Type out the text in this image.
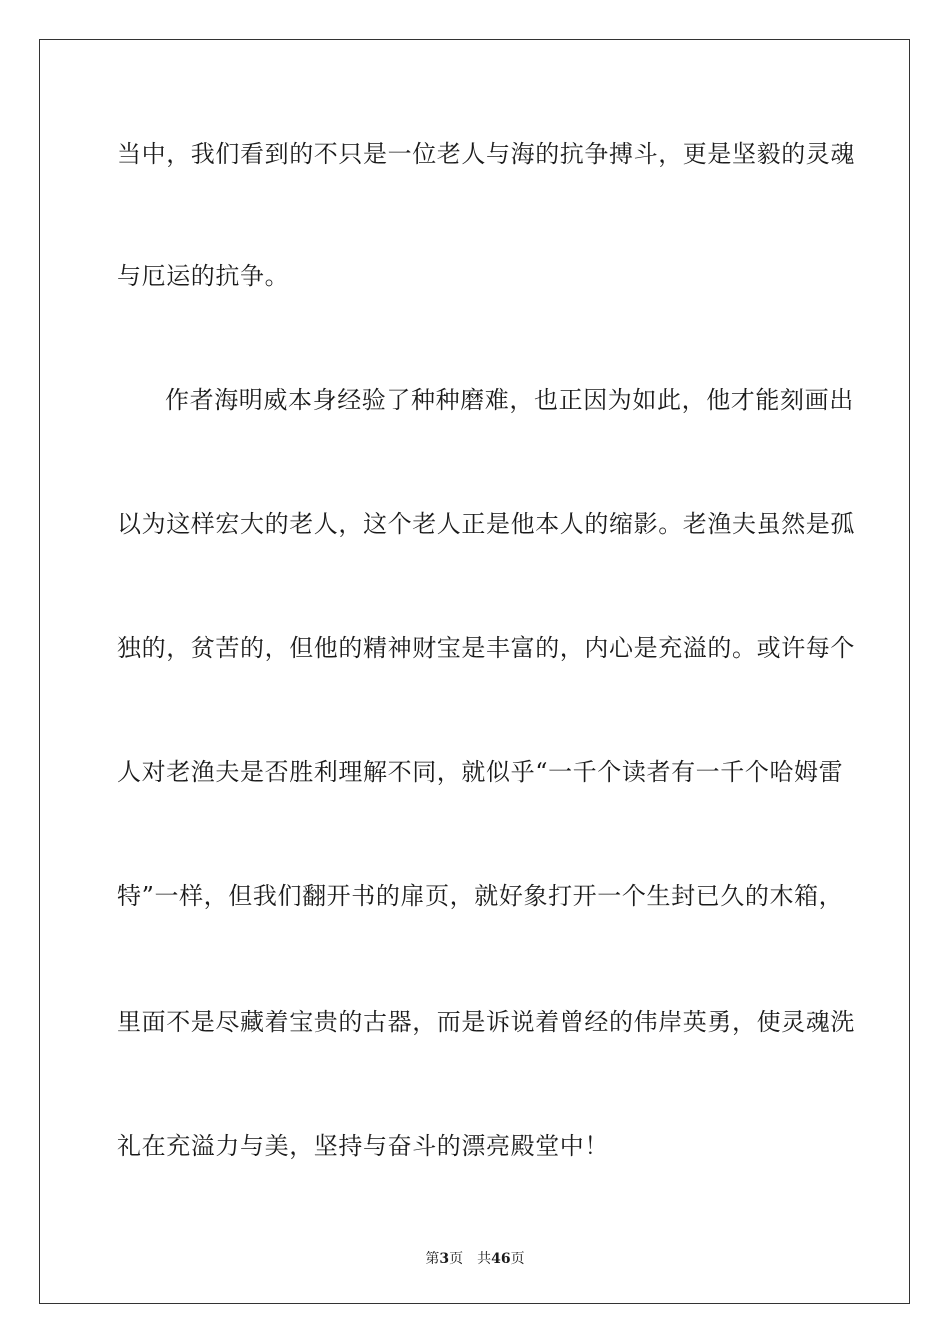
当中，我们看到的不只是一位老人与海的抗争搏斗，更是坚毅的灵魂
与厄运的抗争。
作者海明威本身经验了种种磨难，也正因为如此，他才能刻画出
以为这样宏大的老人，这个老人正是他本人的缩影。老渔夫虽然是孤
独的，贫苦的，但他的精神财宝是丰富的，内心是充溢的。或许每个
人对老渔夫是否胜利理解不同，就似乎“一千个读者有一千个哈姆雷
特”一样，但我们翻开书的扉页，就好象打开一个生封已久的木箱，
里面不是尽藏着宝贵的古器，而是诉说着曾经的伟岸英勇，使灵魂洗
礼在充溢力与美，坚持与奋斗的漂亮殿堂中！
第3页 共46页
